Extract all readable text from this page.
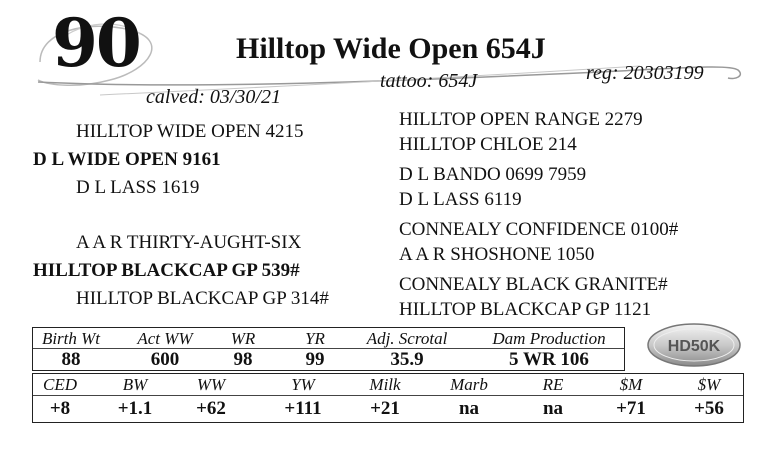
90	Hilltop Wide Open 654J
tattoo: 654J	reg: 20303199
calved: 03/30/21
HILLTOP WIDE OPEN 4215
D L WIDE OPEN 9161
D L LASS 1619
A A R THIRTY-AUGHT-SIX
HILLTOP BLACKCAP GP 539#
HILLTOP BLACKCAP GP 314#
HILLTOP OPEN RANGE 2279
HILLTOP CHLOE 214
D L BANDO 0699 7959
D L LASS 6119
CONNEALY CONFIDENCE 0100#
A A R SHOSHONE 1050
CONNEALY BLACK GRANITE#
HILLTOP BLACKCAP GP 1121
Birth Wt	Act WW	WR	YR	Adj. Scrotal	Dam Production
88	600	98	99	35.9	5 WR 106
HD50K
CED	BW	WW	YW	Milk	Marb	RE	$M	$W
+8	+1.1	+62	+111	+21	na	na	+71	+56
